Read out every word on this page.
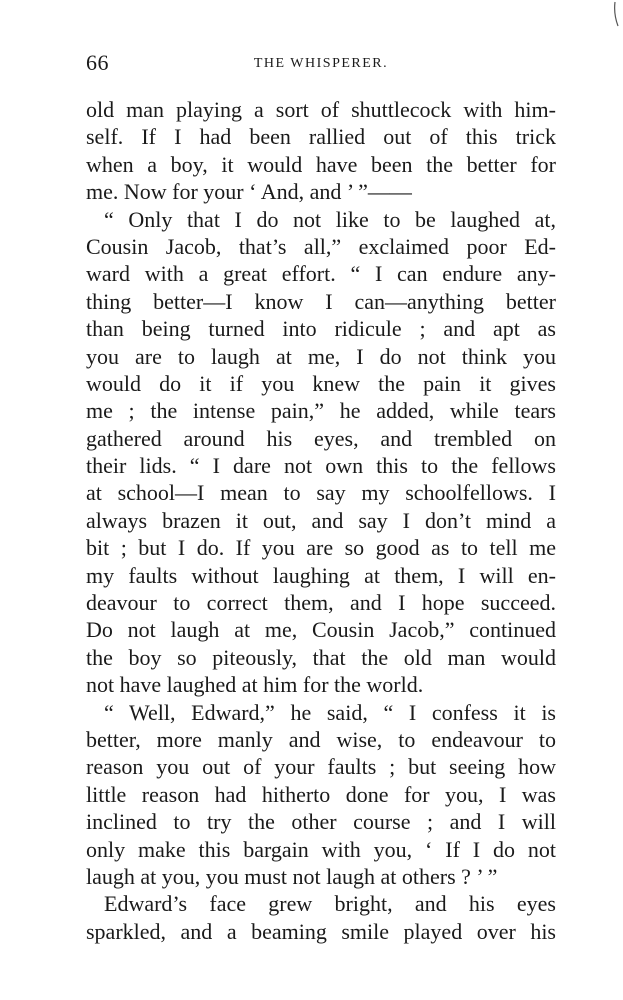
66	THE WHISPERER.
old man playing a sort of shuttlecock with him-
self. If I had been rallied out of this trick
when a boy, it would have been the better for
me. Now for your ‘ And, and ’ ”——
“ Only that I do not like to be laughed at,
Cousin Jacob, that’s all,” exclaimed poor Ed-
ward with a great effort. “ I can endure any-
thing better—I know I can—anything better
than being turned into ridicule ; and apt as
you are to laugh at me, I do not think you
would do it if you knew the pain it gives
me ; the intense pain,” he added, while tears
gathered around his eyes, and trembled on
their lids. “ I dare not own this to the fellows
at school—I mean to say my schoolfellows. I
always brazen it out, and say I don’t mind a
bit ; but I do. If you are so good as to tell me
my faults without laughing at them, I will en-
deavour to correct them, and I hope succeed.
Do not laugh at me, Cousin Jacob,” continued
the boy so piteously, that the old man would
not have laughed at him for the world.
“ Well, Edward,” he said, “ I confess it is
better, more manly and wise, to endeavour to
reason you out of your faults ; but seeing how
little reason had hitherto done for you, I was
inclined to try the other course ; and I will
only make this bargain with you, ‘ If I do not
laugh at you, you must not laugh at others ? ’ ”
Edward’s face grew bright, and his eyes
sparkled, and a beaming smile played over his
